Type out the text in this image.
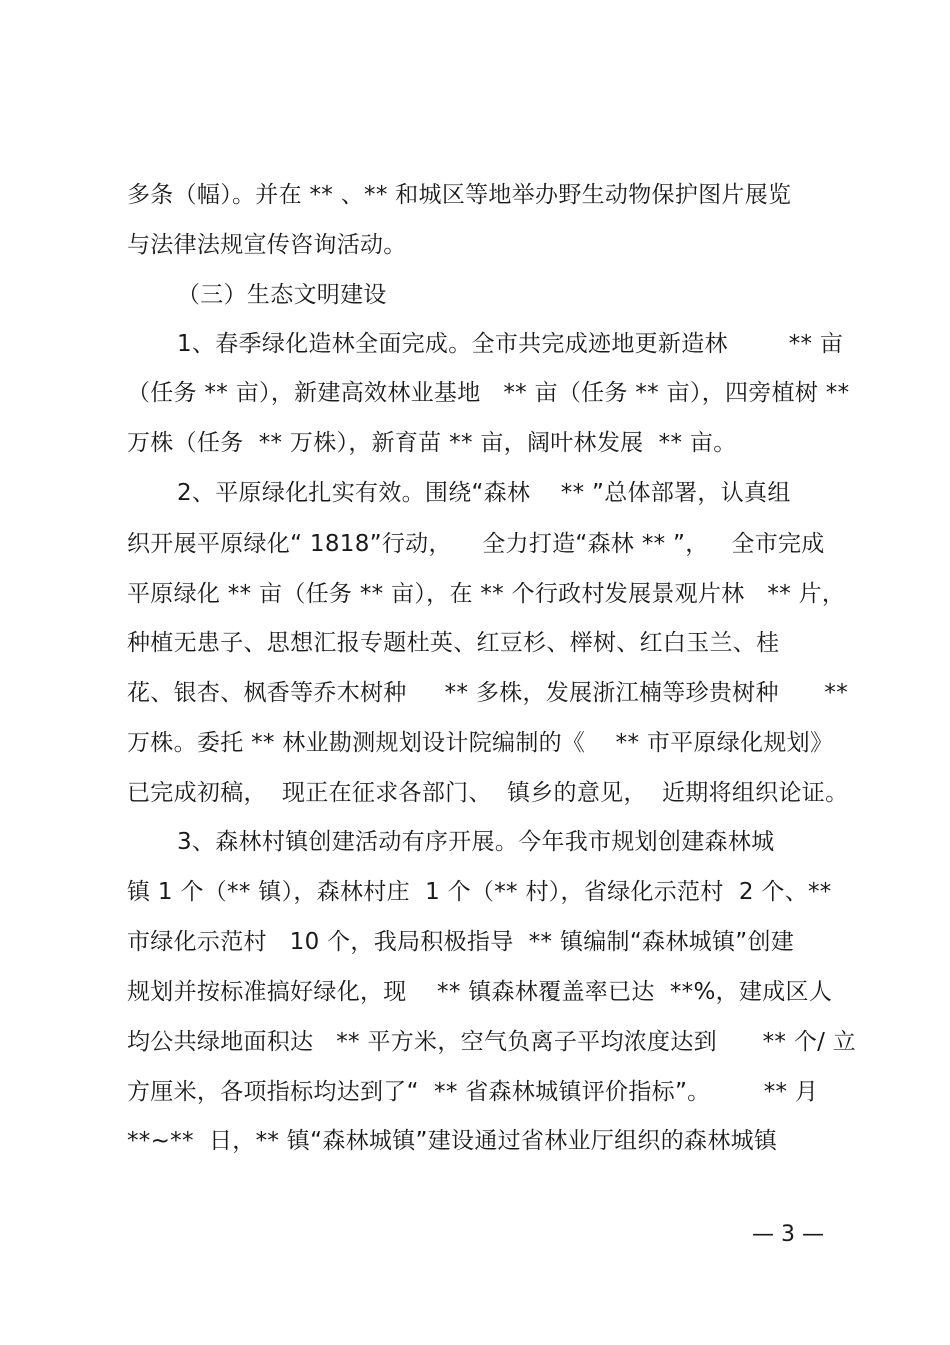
多条（幅）。并在 ** 、** 和城区等地举办野生动物保护图片展览
与法律法规宣传咨询活动。
（三）生态文明建设
1、春季绿化造林全面完成。全市共完成迹地更新造林        ** 亩
（任务 ** 亩），新建高效林业基地   ** 亩（任务 ** 亩），四旁植树 **
万株（任务  ** 万株），新育苗 ** 亩，阔叶林发展  ** 亩。
2、平原绿化扎实有效。围绕“森林    ** ”总体部署，认真组
织开展平原绿化“ 1818”行动，    全力打造“森林 ** ”，   全市完成
平原绿化 ** 亩（任务 ** 亩），在 ** 个行政村发展景观片林   ** 片，
种植无患子、思想汇报专题杜英、红豆杉、榉树、红白玉兰、桂
花、银杏、枫香等乔木树种     ** 多株，发展浙江楠等珍贵树种      **
万株。委托 ** 林业勘测规划设计院编制的《    ** 市平原绿化规划》
已完成初稿，  现正在征求各部门、  镇乡的意见，  近期将组织论证。
3、森林村镇创建活动有序开展。今年我市规划创建森林城
镇 1 个（** 镇），森林村庄  1 个（** 村），省绿化示范村  2 个、**
市绿化示范村   10 个，我局积极指导  ** 镇编制“森林城镇”创建
规划并按标准搞好绿化，现    ** 镇森林覆盖率已达  **%，建成区人
均公共绿地面积达   ** 平方米，空气负离子平均浓度达到      ** 个/ 立
方厘米，各项指标均达到了“  ** 省森林城镇评价指标”。       ** 月
**~**  日，** 镇“森林城镇”建设通过省林业厅组织的森林城镇
— 3 —
